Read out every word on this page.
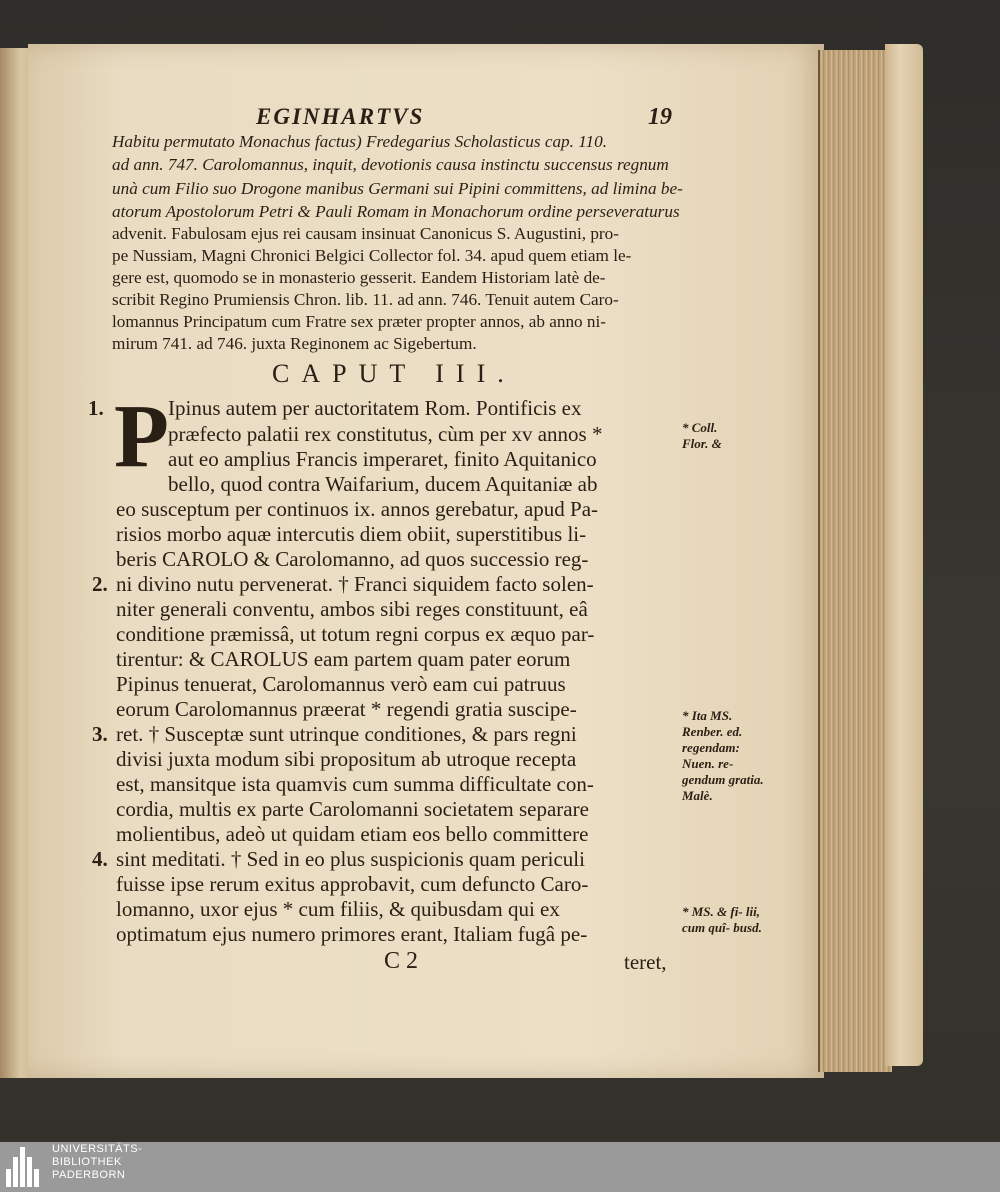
EGINHARTVS	19
Habitu permutato Monachus factus) Fredegarius Scholasticus cap. 110.
ad ann. 747. Carolomannus, inquit, devotionis causa instinctu succensus regnum
unà cum Filio suo Drogone manibus Germani sui Pipini committens, ad limina be-
atorum Apostolorum Petri & Pauli Romam in Monachorum ordine perseveraturus
advenit. Fabulosam ejus rei causam insinuat Canonicus S. Augustini, pro-
pe Nussiam, Magni Chronici Belgici Collector fol. 34. apud quem etiam le-
gere est, quomodo se in monasterio gesserit. Eandem Historiam latè de-
scribit Regino Prumiensis Chron. lib. 11. ad ann. 746. Tenuit autem Caro-
lomannus Principatum cum Fratre sex præter propter annos, ab anno ni-
mirum 741. ad 746. juxta Reginonem ac Sigebertum.
CAPUT III.
P Ipinus autem per auctoritatem Rom. Pontificis ex
præfecto palatii rex constitutus, cùm per xv annos *
aut eo amplius Francis imperaret, finito Aquitanico
bello, quod contra Waifarium, ducem Aquitaniæ ab
eo susceptum per continuos ix. annos gerebatur, apud Pa-
risios morbo aquæ intercutis diem obiit, superstitibus li-
beris CAROLO & Carolomanno, ad quos successio reg-
ni divino nutu pervenerat. † Franci siquidem facto solen-
niter generali conventu, ambos sibi reges constituunt, eâ
conditione præmissâ, ut totum regni corpus ex æquo par-
tirentur: & CAROLUS eam partem quam pater eorum
Pipinus tenuerat, Carolomannus verò eam cui patruus
eorum Carolomannus præerat * regendi gratia suscipe-
ret. † Susceptæ sunt utrinque conditiones, & pars regni
divisi juxta modum sibi propositum ab utroque recepta
est, mansitque ista quamvis cum summa difficultate con-
cordia, multis ex parte Carolomanni societatem separare
molientibus, adeò ut quidam etiam eos bello committere
sint meditati. † Sed in eo plus suspicionis quam periculi
fuisse ipse rerum exitus approbavit, cum defuncto Caro-
lomanno, uxor ejus * cum filiis, & quibusdam qui ex
optimatum ejus numero primores erant, Italiam fugâ pe-
1.
2.
3.
4.
* Coll. Flor. &
* Ita MS. Renber. ed. regendam: Nuen. re- gendum gratia. Malè.
* MS. & fi- lii, cum quî- busd.
C 2	teret,
UNIVERSITÄTS-
BIBLIOTHEK
PADERBORN
